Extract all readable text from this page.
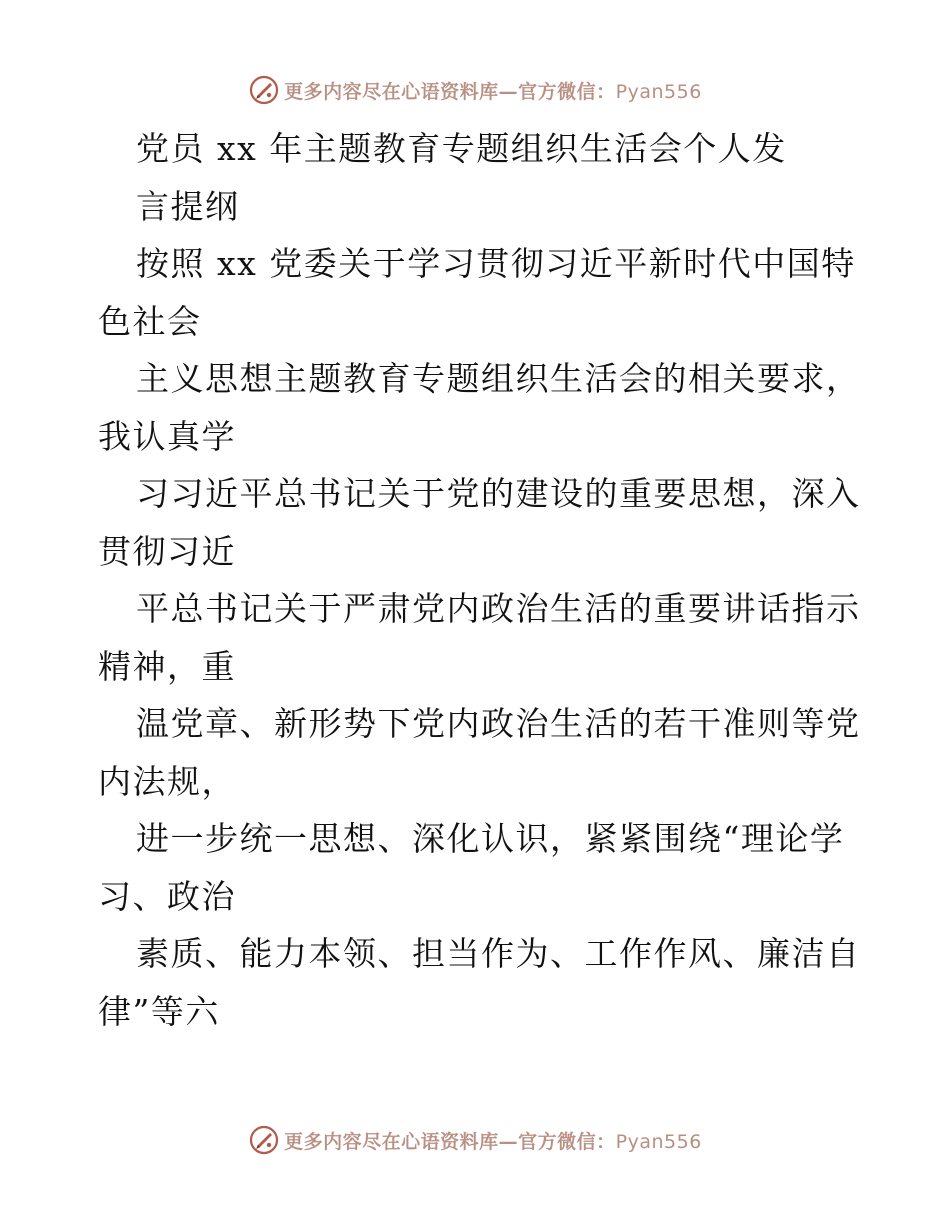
更多内容尽在心语资料库—官方微信：Pyan556
党员 xx 年主题教育专题组织生活会个人发
言提纲
按照 xx 党委关于学习贯彻习近平新时代中国特
色社会
主义思想主题教育专题组织生活会的相关要求，
我认真学
习习近平总书记关于党的建设的重要思想，深入
贯彻习近
平总书记关于严肃党内政治生活的重要讲话指示
精神，重
温党章、新形势下党内政治生活的若干准则等党
内法规，
进一步统一思想、深化认识，紧紧围绕“理论学
习、政治
素质、能力本领、担当作为、工作作风、廉洁自
律”等六
更多内容尽在心语资料库—官方微信：Pyan556
